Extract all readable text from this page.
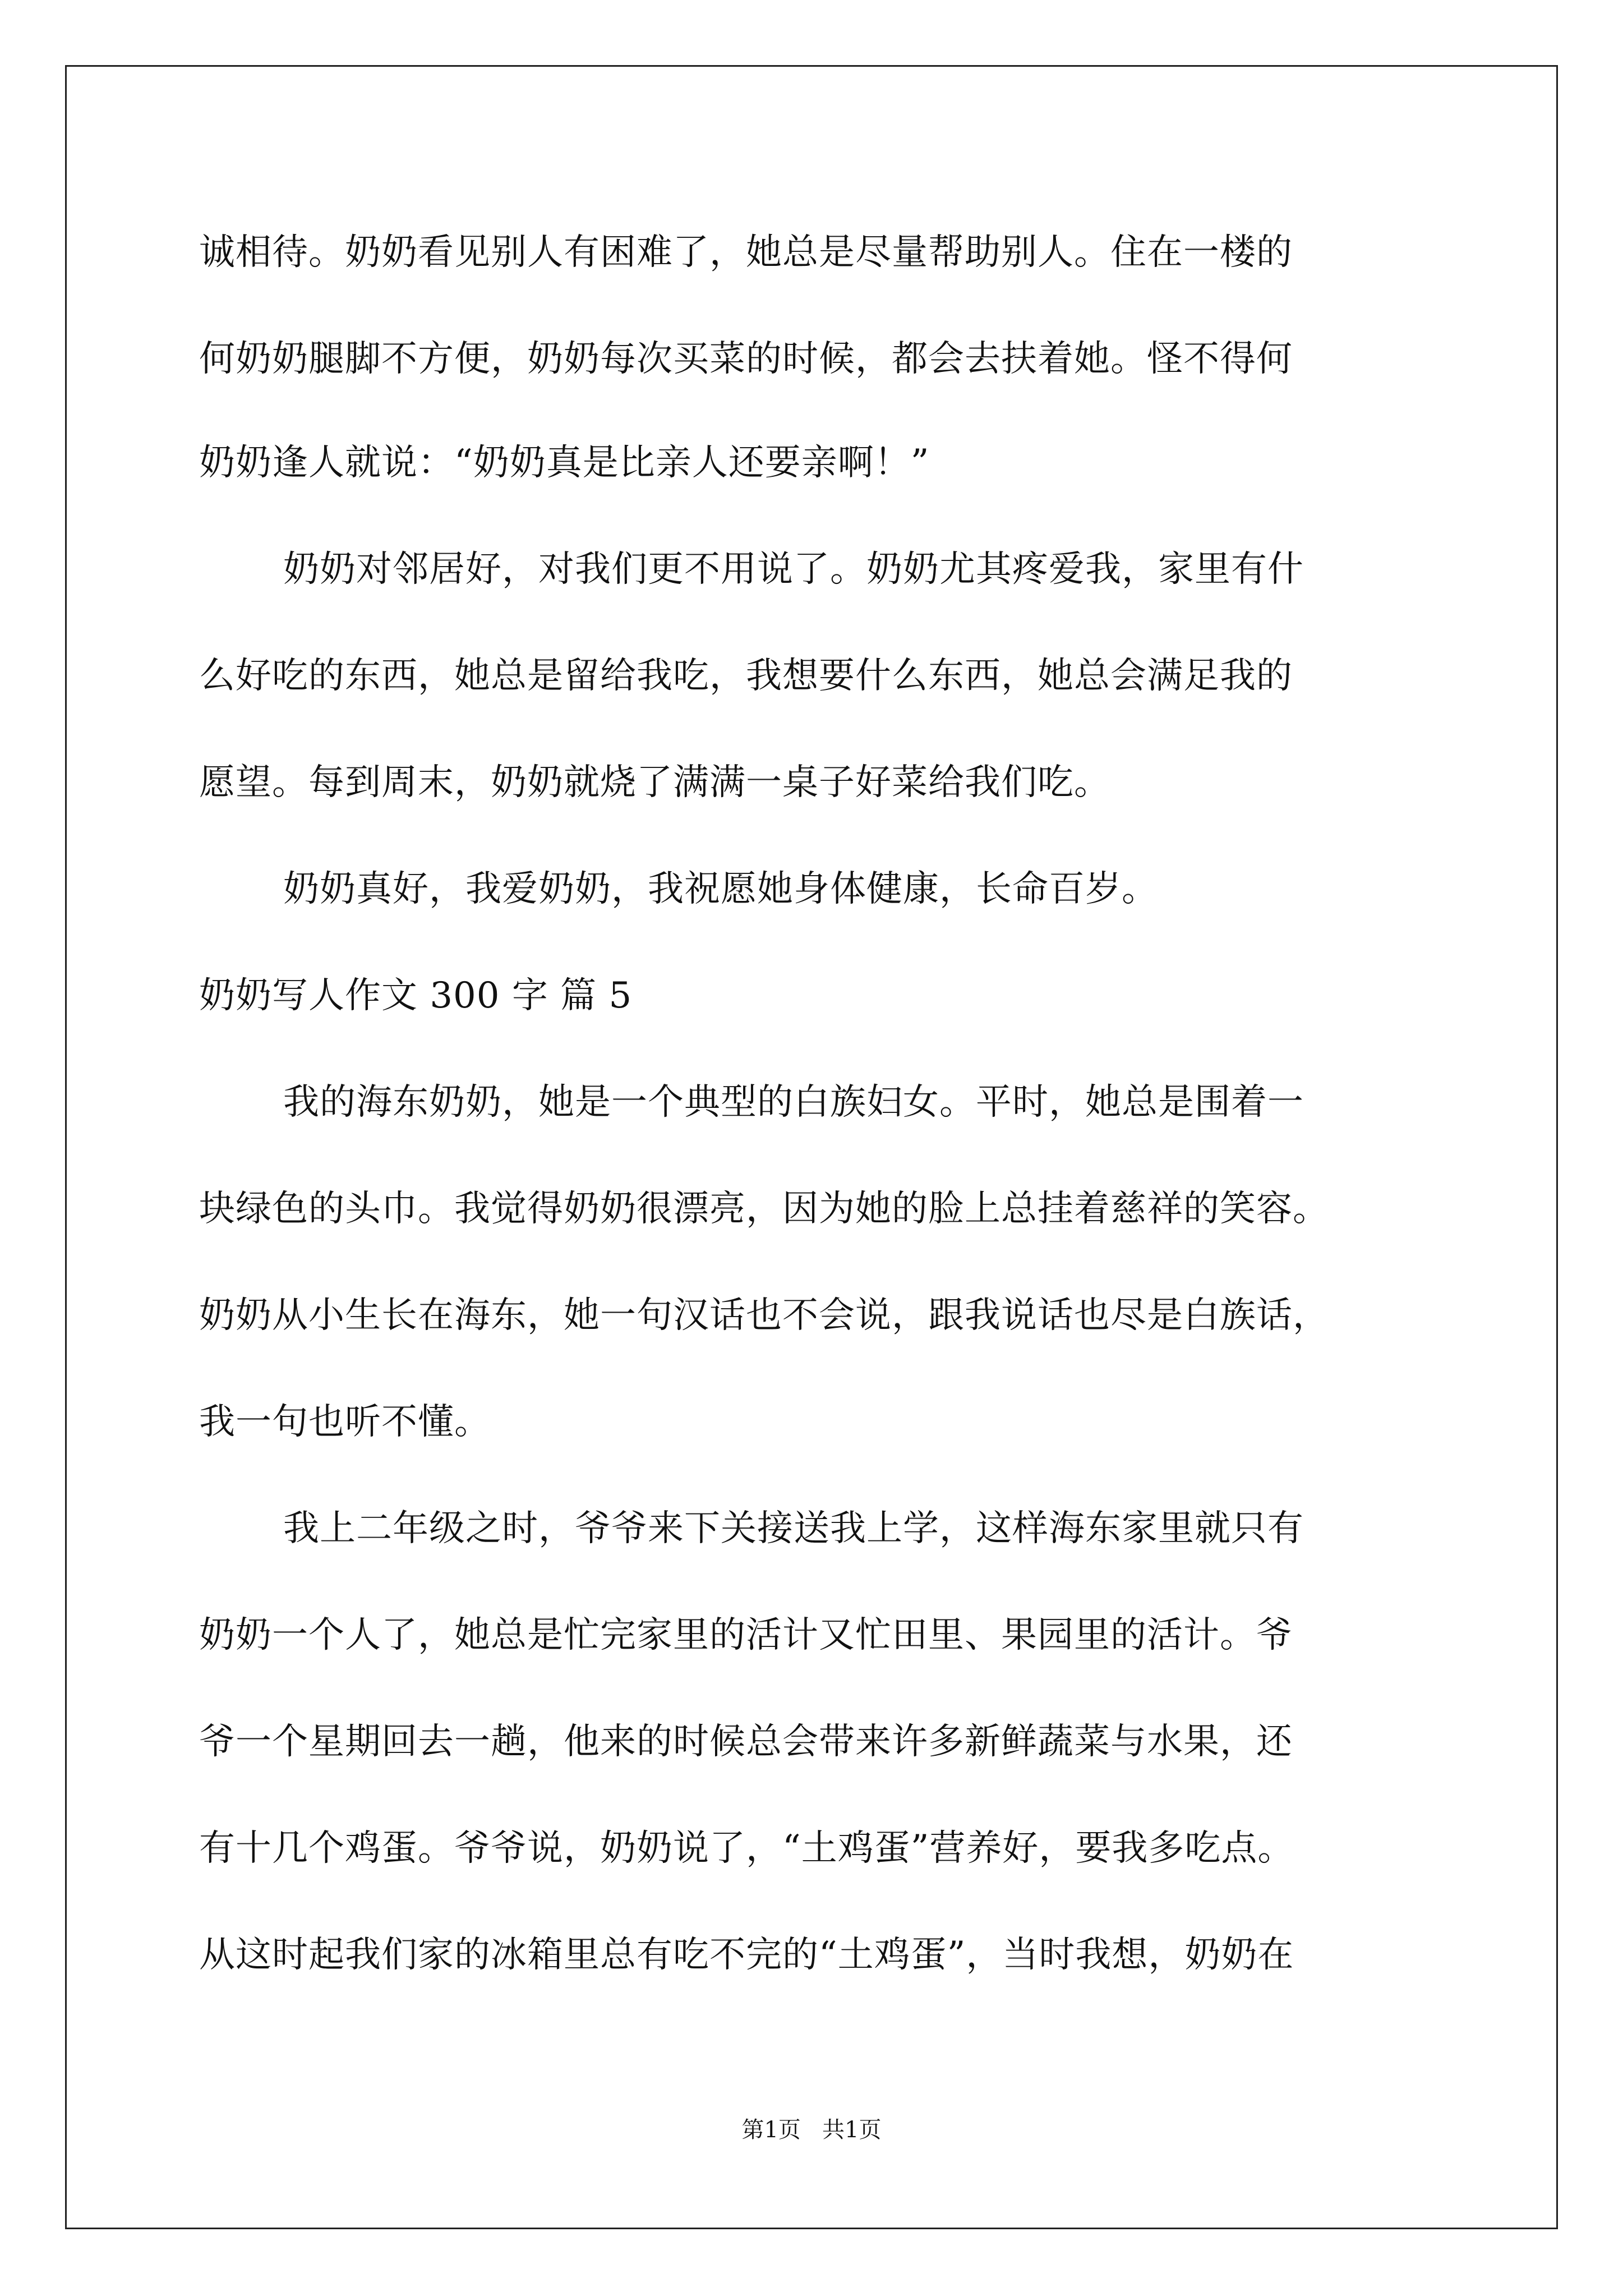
诚相待。奶奶看见别人有困难了，她总是尽量帮助别人。住在一楼的
何奶奶腿脚不方便，奶奶每次买菜的时候，都会去扶着她。怪不得何
奶奶逢人就说：“奶奶真是比亲人还要亲啊！”
奶奶对邻居好，对我们更不用说了。奶奶尤其疼爱我，家里有什
么好吃的东西，她总是留给我吃，我想要什么东西，她总会满足我的
愿望。每到周末，奶奶就烧了满满一桌子好菜给我们吃。
奶奶真好，我爱奶奶，我祝愿她身体健康，长命百岁。
奶奶写人作文 300 字 篇 5
我的海东奶奶，她是一个典型的白族妇女。平时，她总是围着一
块绿色的头巾。我觉得奶奶很漂亮，因为她的脸上总挂着慈祥的笑容。
奶奶从小生长在海东，她一句汉话也不会说，跟我说话也尽是白族话，
我一句也听不懂。
我上二年级之时，爷爷来下关接送我上学，这样海东家里就只有
奶奶一个人了，她总是忙完家里的活计又忙田里、果园里的活计。爷
爷一个星期回去一趟，他来的时候总会带来许多新鲜蔬菜与水果，还
有十几个鸡蛋。爷爷说，奶奶说了，“土鸡蛋”营养好，要我多吃点。
从这时起我们家的冰箱里总有吃不完的“土鸡蛋”，当时我想，奶奶在
第1页   共1页
